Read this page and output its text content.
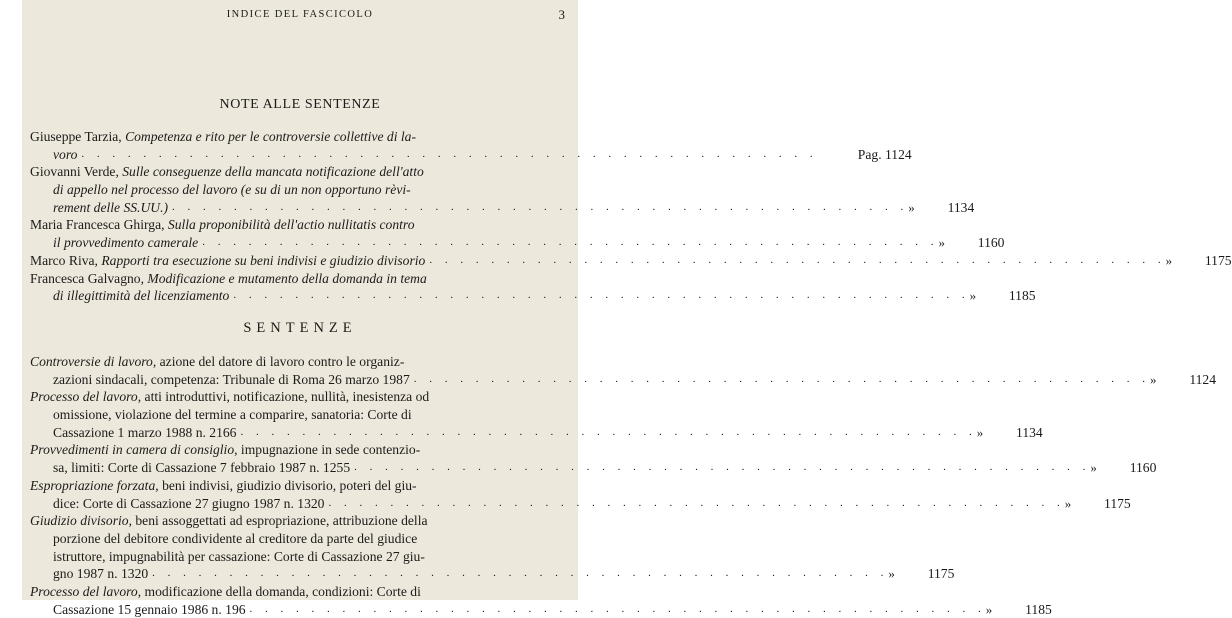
INDICE DEL FASCICOLO	3
NOTE ALLE SENTENZE
Giuseppe Tarzia, Competenza e rito per le controversie collettive di la-
voro . . . . . . . . . . . . . . . . . . . . . . . . . . . . . . . . . . . . . . . . . . . . . . . .	Pag. 1124
Giovanni Verde, Sulle conseguenze della mancata notificazione dell'atto
di appello nel processo del lavoro (e su di un non opportuno rèvi-
rement delle SS.UU.) . . . . . . . . . . . . . . . . . . . . . . . . . . . . . . . . . . . . . . . . . . . . . . . . »	1134
Maria Francesca Ghirga, Sulla proponibilità dell'actio nullitatis contro
il provvedimento camerale . . . . . . . . . . . . . . . . . . . . . . . . . . . . . . . . . . . . . . . . . . . . . . . . »	1160
Marco Riva, Rapporti tra esecuzione su beni indivisi e giudizio divisorio . . . . . . . . . . . . . . . . . . . . . . . . . . . . . . . . . . . . . . . . . . . . . . . . »	1175
Francesca Galvagno, Modificazione e mutamento della domanda in tema
di illegittimità del licenziamento . . . . . . . . . . . . . . . . . . . . . . . . . . . . . . . . . . . . . . . . . . . . . . . . »	1185
SENTENZE
Controversie di lavoro, azione del datore di lavoro contro le organiz-
zazioni sindacali, competenza: Tribunale di Roma 26 marzo 1987 . . . . . . . . . . . . . . . . . . . . . . . . . . . . . . . . . . . . . . . . . . . . . . . . »	1124
Processo del lavoro, atti introduttivi, notificazione, nullità, inesistenza od
omissione, violazione del termine a comparire, sanatoria: Corte di
Cassazione 1 marzo 1988 n. 2166 . . . . . . . . . . . . . . . . . . . . . . . . . . . . . . . . . . . . . . . . . . . . . . . . »	1134
Provvedimenti in camera di consiglio, impugnazione in sede contenzio-
sa, limiti: Corte di Cassazione 7 febbraio 1987 n. 1255 . . . . . . . . . . . . . . . . . . . . . . . . . . . . . . . . . . . . . . . . . . . . . . . . »	1160
Espropriazione forzata, beni indivisi, giudizio divisorio, poteri del giu-
dice: Corte di Cassazione 27 giugno 1987 n. 1320 . . . . . . . . . . . . . . . . . . . . . . . . . . . . . . . . . . . . . . . . . . . . . . . . »	1175
Giudizio divisorio, beni assoggettati ad espropriazione, attribuzione della
porzione del debitore condividente al creditore da parte del giudice
istruttore, impugnabilità per cassazione: Corte di Cassazione 27 giu-
gno 1987 n. 1320 . . . . . . . . . . . . . . . . . . . . . . . . . . . . . . . . . . . . . . . . . . . . . . . . »	1175
Processo del lavoro, modificazione della domanda, condizioni: Corte di
Cassazione 15 gennaio 1986 n. 196 . . . . . . . . . . . . . . . . . . . . . . . . . . . . . . . . . . . . . . . . . . . . . . . . »	1185
